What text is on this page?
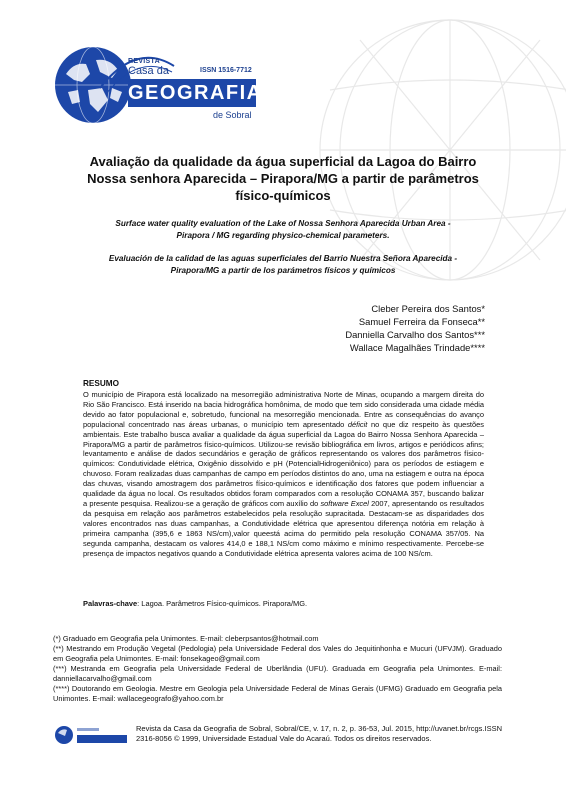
REVISTA
Casa da	ISSN 1516-7712
GEOGRAFIA
de Sobral
Avaliação da qualidade da água superficial da Lagoa do Bairro
Nossa senhora Aparecida – Pirapora/MG a partir de parâmetros
físico-químicos
Surface water quality evaluation of the Lake of Nossa Senhora Aparecida Urban Area -
Pirapora / MG regarding physico-chemical parameters.
Evaluación de la calidad de las aguas superficiales del Barrio Nuestra Señora Aparecida -
Pirapora/MG a partir de los parámetros físicos y químicos
Cleber Pereira dos Santos*
Samuel Ferreira da Fonseca**
Danniella Carvalho dos Santos***
Wallace Magalhães Trindade****
RESUMO
O município de Pirapora está localizado na mesorregião administrativa Norte de Minas, ocupando a margem direita do Rio São Francisco. Está inserido na bacia hidrográfica homônima, de modo que tem sido considerada uma cidade média devido ao fator populacional e, sobretudo, funcional na mesorregião mencionada. Entre as consequências do avanço populacional concentrado nas áreas urbanas, o município tem apresentado déficit no que diz respeito às questões ambientais. Este trabalho busca avaliar a qualidade da água superficial da Lagoa do Bairro Nossa Senhora Aparecida – Pirapora/MG a partir de parâmetros físico-químicos. Utilizou-se revisão bibliográfica em livros, artigos e periódicos afins; levantamento e análise de dados secundários e geração de gráficos representando os valores dos parâmetros físico-químicos: Condutividade elétrica, Oxigênio dissolvido e pH (PotencialHidrogeniônico) para os períodos de estiagem e chuvoso. Foram realizadas duas campanhas de campo em períodos distintos do ano, uma na estiagem e outra na época das chuvas, visando amostragem dos parâmetros físico-químicos e identificação dos fatores que podem influenciar a qualidade da água no local. Os resultados obtidos foram comparados com a resolução CONAMA 357, buscando balizar a presente pesquisa. Realizou-se a geração de gráficos com auxílio do software Excel 2007, apresentando os resultados da pesquisa em relação aos parâmetros estabelecidos pela resolução supracitada. Destacam-se as disparidades dos valores encontrados nas duas campanhas, a Condutividade elétrica que apresentou diferença notória em relação à primeira campanha (395,6 e 1863 NS/cm),valor queestá acima do permitido pela resolução CONAMA 357/05. Na segunda campanha, destacam os valores 414,0 e 188,1 NS/cm como máximo e mínimo respectivamente. Percebe-se presença de impactos negativos quando a Condutividade elétrica apresenta valores acima de 100 NS/cm.
Palavras-chave: Lagoa. Parâmetros Físico-químicos. Pirapora/MG.
(*) Graduado em Geografia pela Unimontes. E-mail: cleberpsantos@hotmail.com
(**) Mestrando em Produção Vegetal (Pedologia) pela Universidade Federal dos Vales do Jequitinhonha e Mucuri (UFVJM). Graduado em Geografia pela Unimontes. E-mail: fonsekageo@gmail.com
(***) Mestranda em Geografia pela Universidade Federal de Uberlândia (UFU). Graduada em Geografia pela Unimontes. E-mail: danniellacarvalho@gmail.com
(****) Doutorando em Geologia. Mestre em Geologia pela Universidade Federal de Minas Gerais (UFMG) Graduado em Geografia pela Unimontes. E-mail: wallacegeografo@yahoo.com.br
Revista da Casa da Geografia de Sobral, Sobral/CE, v. 17, n. 2, p. 36-53, Jul. 2015, http://uvanet.br/rcgs.ISSN 2316-8056 © 1999, Universidade Estadual Vale do Acaraú. Todos os direitos reservados.
